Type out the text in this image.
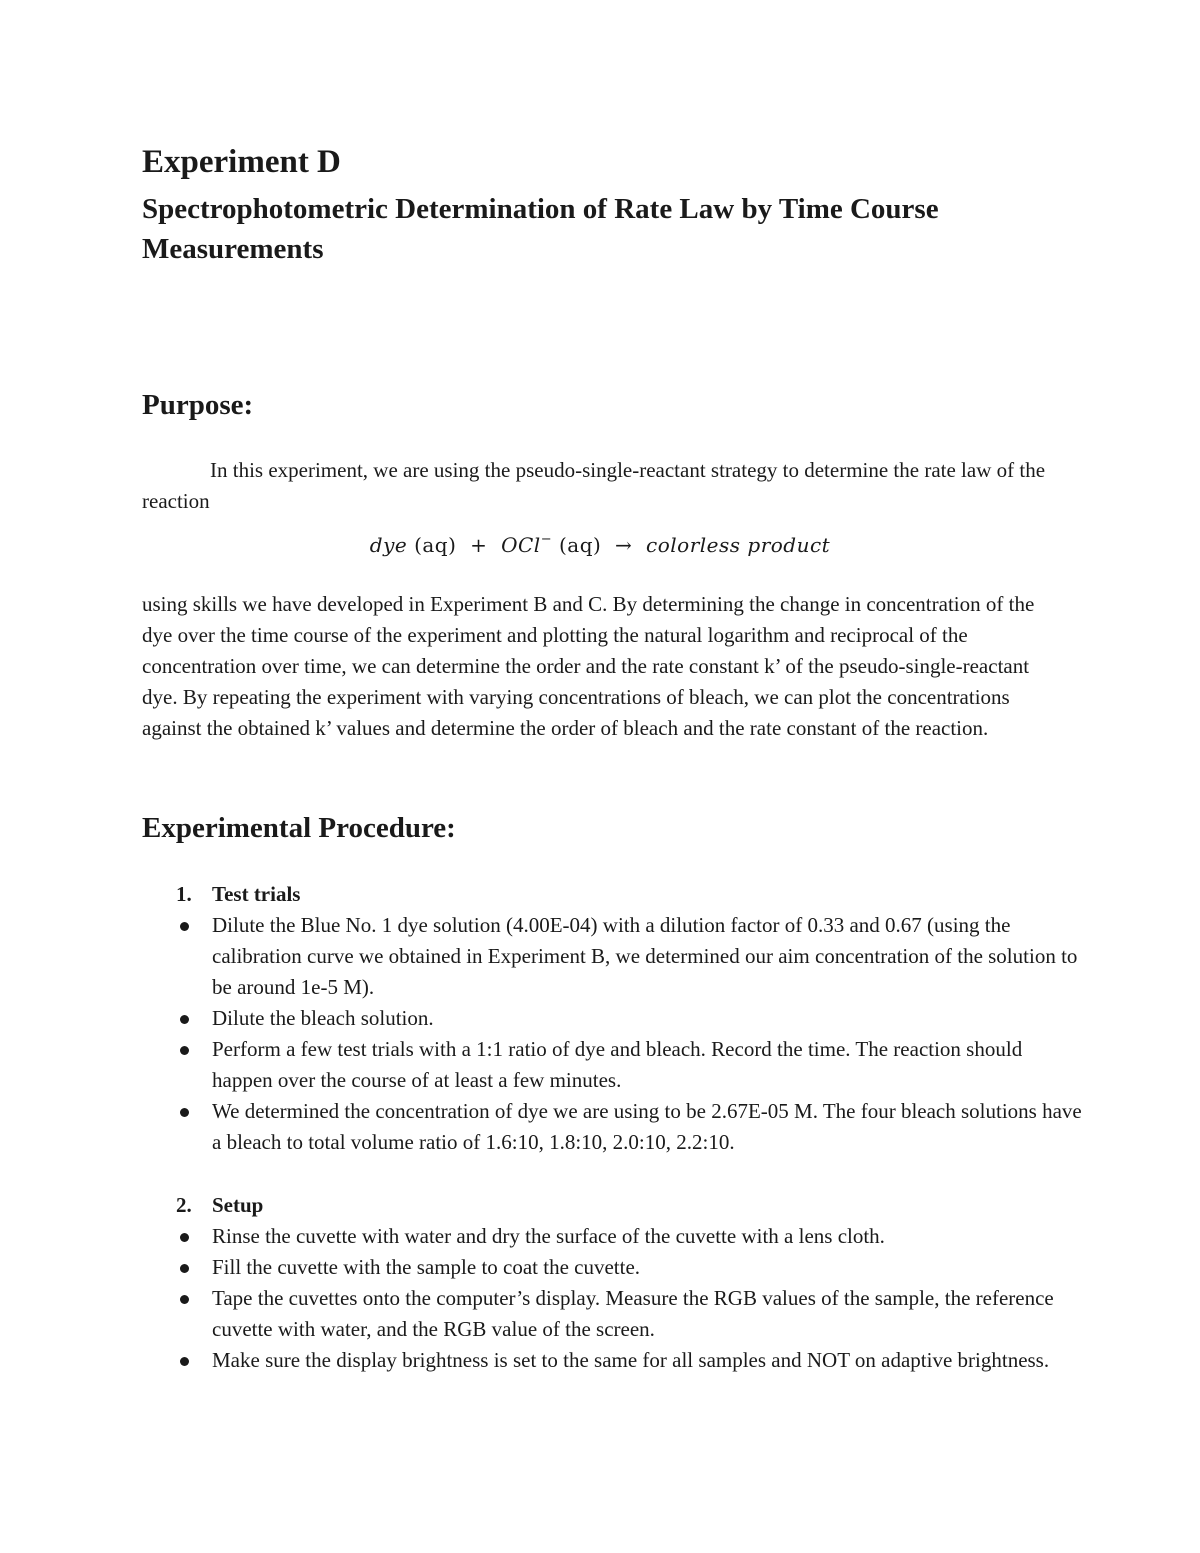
Experiment D
Spectrophotometric Determination of Rate Law by Time Course Measurements
Purpose:

In this experiment, we are using the pseudo-single-reactant strategy to determine the rate law of the reaction

dye (aq) + OCl− (aq) → colorless product

using skills we have developed in Experiment B and C. By determining the change in concentration of the dye over the time course of the experiment and plotting the natural logarithm and reciprocal of the concentration over time, we can determine the order and the rate constant k’ of the pseudo-single-reactant dye. By repeating the experiment with varying concentrations of bleach, we can plot the concentrations against the obtained k’ values and determine the order of bleach and the rate constant of the reaction.

Experimental Procedure:
1. Test trials
Dilute the Blue No. 1 dye solution (4.00E-04) with a dilution factor of 0.33 and 0.67 (using the calibration curve we obtained in Experiment B, we determined our aim concentration of the solution to be around 1e-5 M).
Dilute the bleach solution.
Perform a few test trials with a 1:1 ratio of dye and bleach. Record the time. The reaction should happen over the course of at least a few minutes.
We determined the concentration of dye we are using to be 2.67E-05 M. The four bleach solutions have a bleach to total volume ratio of 1.6:10, 1.8:10, 2.0:10, 2.2:10.
2. Setup
Rinse the cuvette with water and dry the surface of the cuvette with a lens cloth.
Fill the cuvette with the sample to coat the cuvette.
Tape the cuvettes onto the computer’s display. Measure the RGB values of the sample, the reference cuvette with water, and the RGB value of the screen.
Make sure the display brightness is set to the same for all samples and NOT on adaptive brightness.
